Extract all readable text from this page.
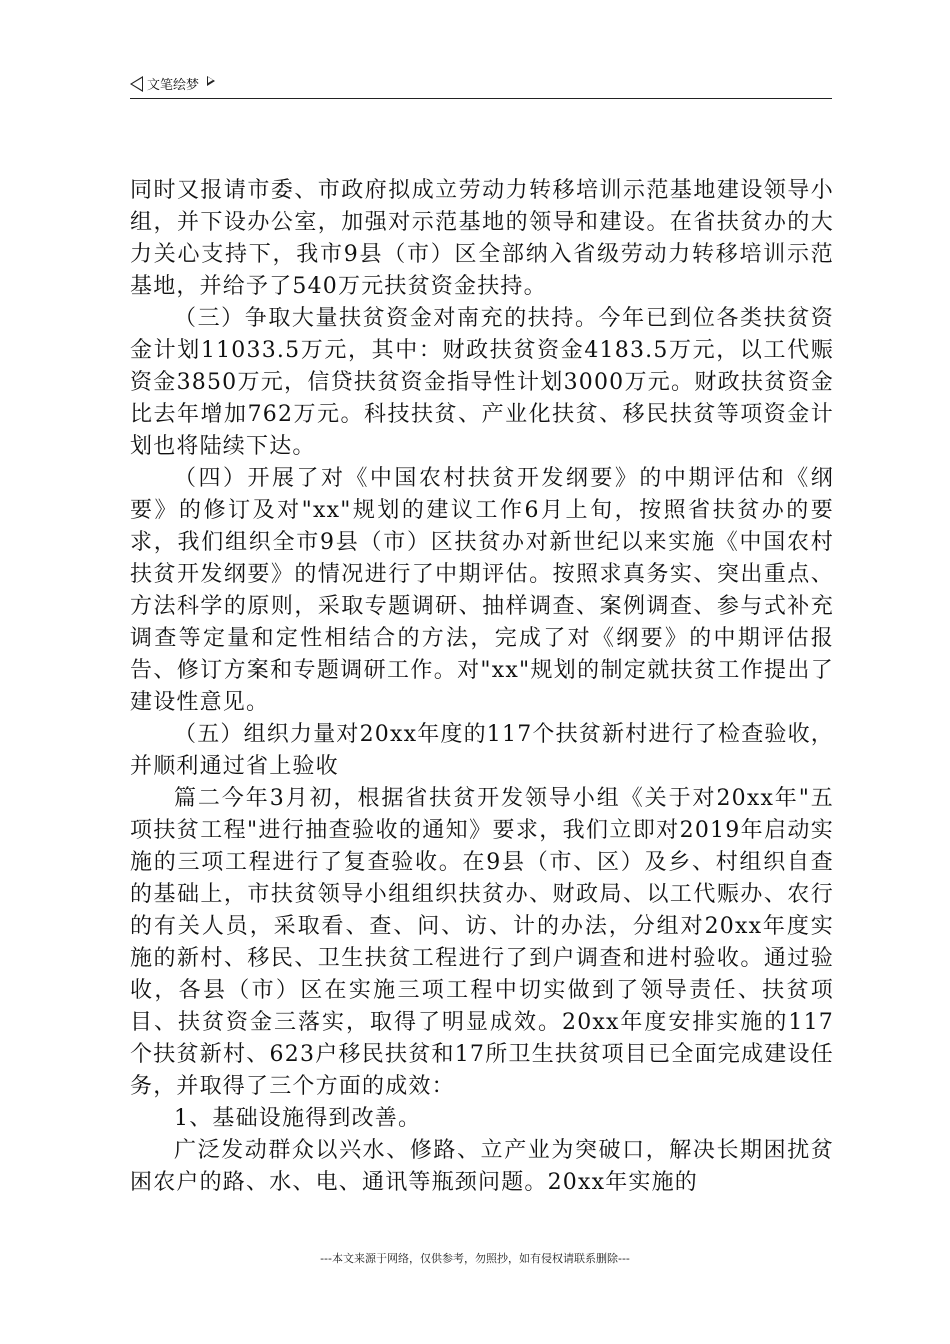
文笔绘梦

同时又报请市委、市政府拟成立劳动力转移培训示范基地建设领导小组，并下设办公室，加强对示范基地的领导和建设。在省扶贫办的大力关心支持下，我市9县（市）区全部纳入省级劳动力转移培训示范基地，并给予了540万元扶贫资金扶持。

（三）争取大量扶贫资金对南充的扶持。今年已到位各类扶贫资金计划11033.5万元，其中：财政扶贫资金4183.5万元，以工代赈资金3850万元，信贷扶贫资金指导性计划3000万元。财政扶贫资金比去年增加762万元。科技扶贫、产业化扶贫、移民扶贫等项资金计划也将陆续下达。

（四）开展了对《中国农村扶贫开发纲要》的中期评估和《纲要》的修订及对"xx"规划的建议工作6月上旬，按照省扶贫办的要求，我们组织全市9县（市）区扶贫办对新世纪以来实施《中国农村扶贫开发纲要》的情况进行了中期评估。按照求真务实、突出重点、方法科学的原则，采取专题调研、抽样调查、案例调查、参与式补充调查等定量和定性相结合的方法，完成了对《纲要》的中期评估报告、修订方案和专题调研工作。对"xx"规划的制定就扶贫工作提出了建设性意见。

（五）组织力量对20xx年度的117个扶贫新村进行了检查验收，并顺利通过省上验收

篇二今年3月初，根据省扶贫开发领导小组《关于对20xx年"五项扶贫工程"进行抽查验收的通知》要求，我们立即对2019年启动实施的三项工程进行了复查验收。在9县（市、区）及乡、村组织自查的基础上，市扶贫领导小组组织扶贫办、财政局、以工代赈办、农行的有关人员，采取看、查、问、访、计的办法，分组对20xx年度实施的新村、移民、卫生扶贫工程进行了到户调查和进村验收。通过验收，各县（市）区在实施三项工程中切实做到了领导责任、扶贫项目、扶贫资金三落实，取得了明显成效。20xx年度安排实施的117个扶贫新村、623户移民扶贫和17所卫生扶贫项目已全面完成建设任务，并取得了三个方面的成效：

1、基础设施得到改善。

广泛发动群众以兴水、修路、立产业为突破口，解决长期困扰贫困农户的路、水、电、通讯等瓶颈问题。20xx年实施的

---本文来源于网络，仅供参考，勿照抄，如有侵权请联系删除---
